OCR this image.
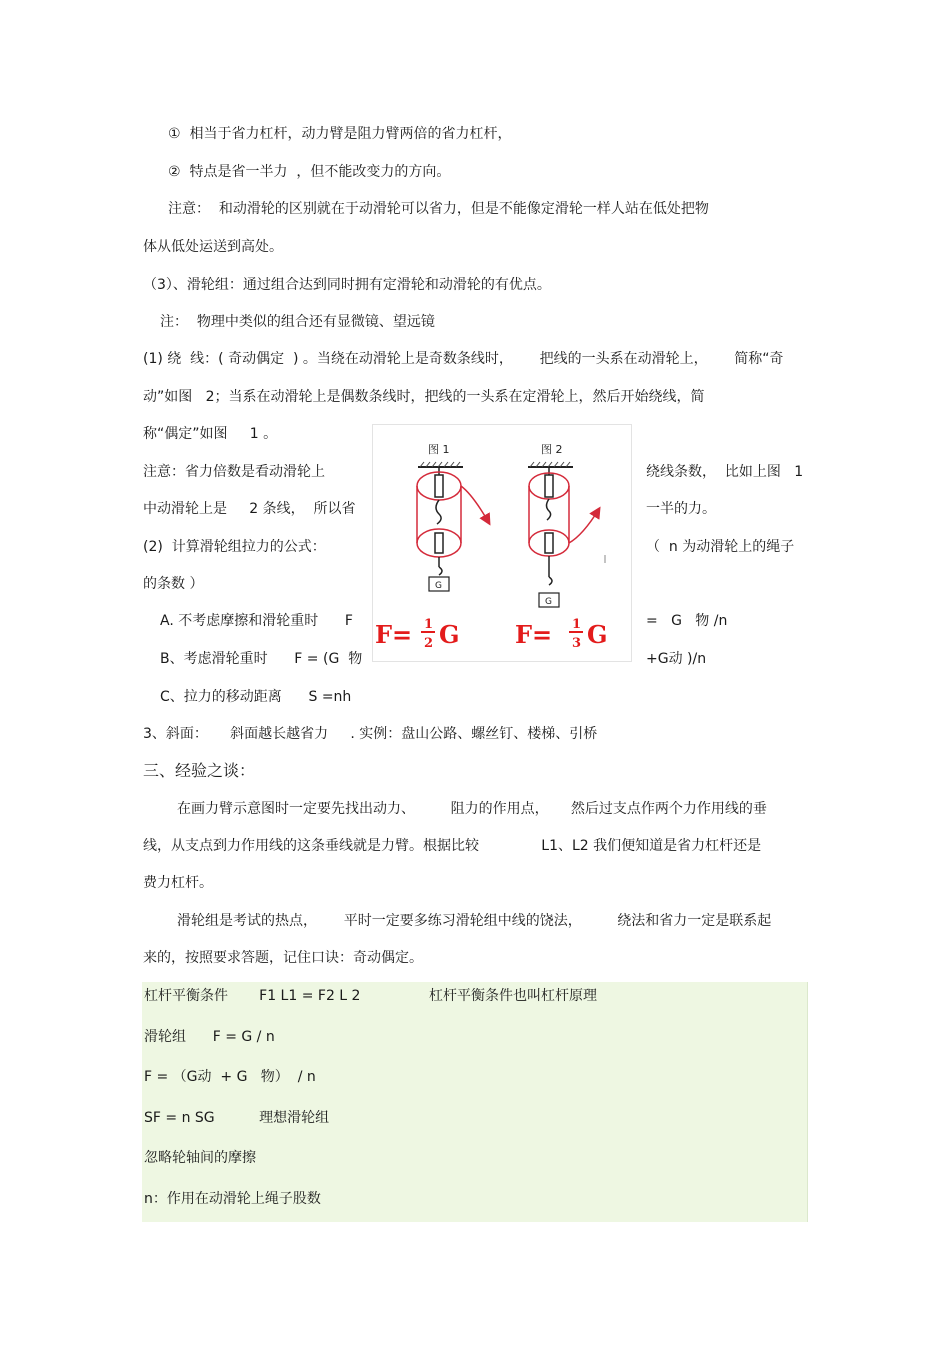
①  相当于省力杠杆，动力臂是阻力臂两倍的省力杠杆，
②  特点是省一半力  ，但不能改变力的方向。
注意：  和动滑轮的区别就在于动滑轮可以省力，但是不能像定滑轮一样人站在低处把物
体从低处运送到高处。
（3）、滑轮组：通过组合达到同时拥有定滑轮和动滑轮的有优点。
注：  物理中类似的组合还有显微镜、望远镜
(1) 绕  线：( 奇动偶定  ) 。当绕在动滑轮上是奇数条线时，      把线的一头系在动滑轮上，      简称“奇
动”如图   2；当系在动滑轮上是偶数条线时，把线的一头系在定滑轮上，然后开始绕线，简
称“偶定”如图     1 。
注意：省力倍数是看动滑轮上	绕线条数，  比如上图   1
中动滑轮上是     2 条线，  所以省	一半的力。
(2)  计算滑轮组拉力的公式：	（  n 为动滑轮上的绳子
的条数 ）
A. 不考虑摩擦和滑轮重时      F	=   G   物 /n
B、考虑滑轮重时      F = (G  物	+G动 )/n
C、拉力的移动距离      S =nh
3、斜面：     斜面越长越省力     . 实例：盘山公路、螺丝钉、楼梯、引桥
三、经验之谈：
在画力臂示意图时一定要先找出动力、        阻力的作用点，     然后过支点作两个力作用线的垂
线，从支点到力作用线的这条垂线就是力臂。根据比较              L1、L2 我们便知道是省力杠杆还是
费力杠杆。
滑轮组是考试的热点，      平时一定要多练习滑轮组中线的饶法，        绕法和省力一定是联系起
来的，按照要求答题，记住口诀：奇动偶定。
图 1
G
图 2
G
F= 1
2 G F= 1
3 G
杠杆平衡条件       F1 L1 = F2 L 2	杠杆平衡条件也叫杠杆原理
滑轮组      F = G / n
F = （G动  + G   物）  / n
SF = n SG          理想滑轮组
忽略轮轴间的摩擦
n：作用在动滑轮上绳子股数
